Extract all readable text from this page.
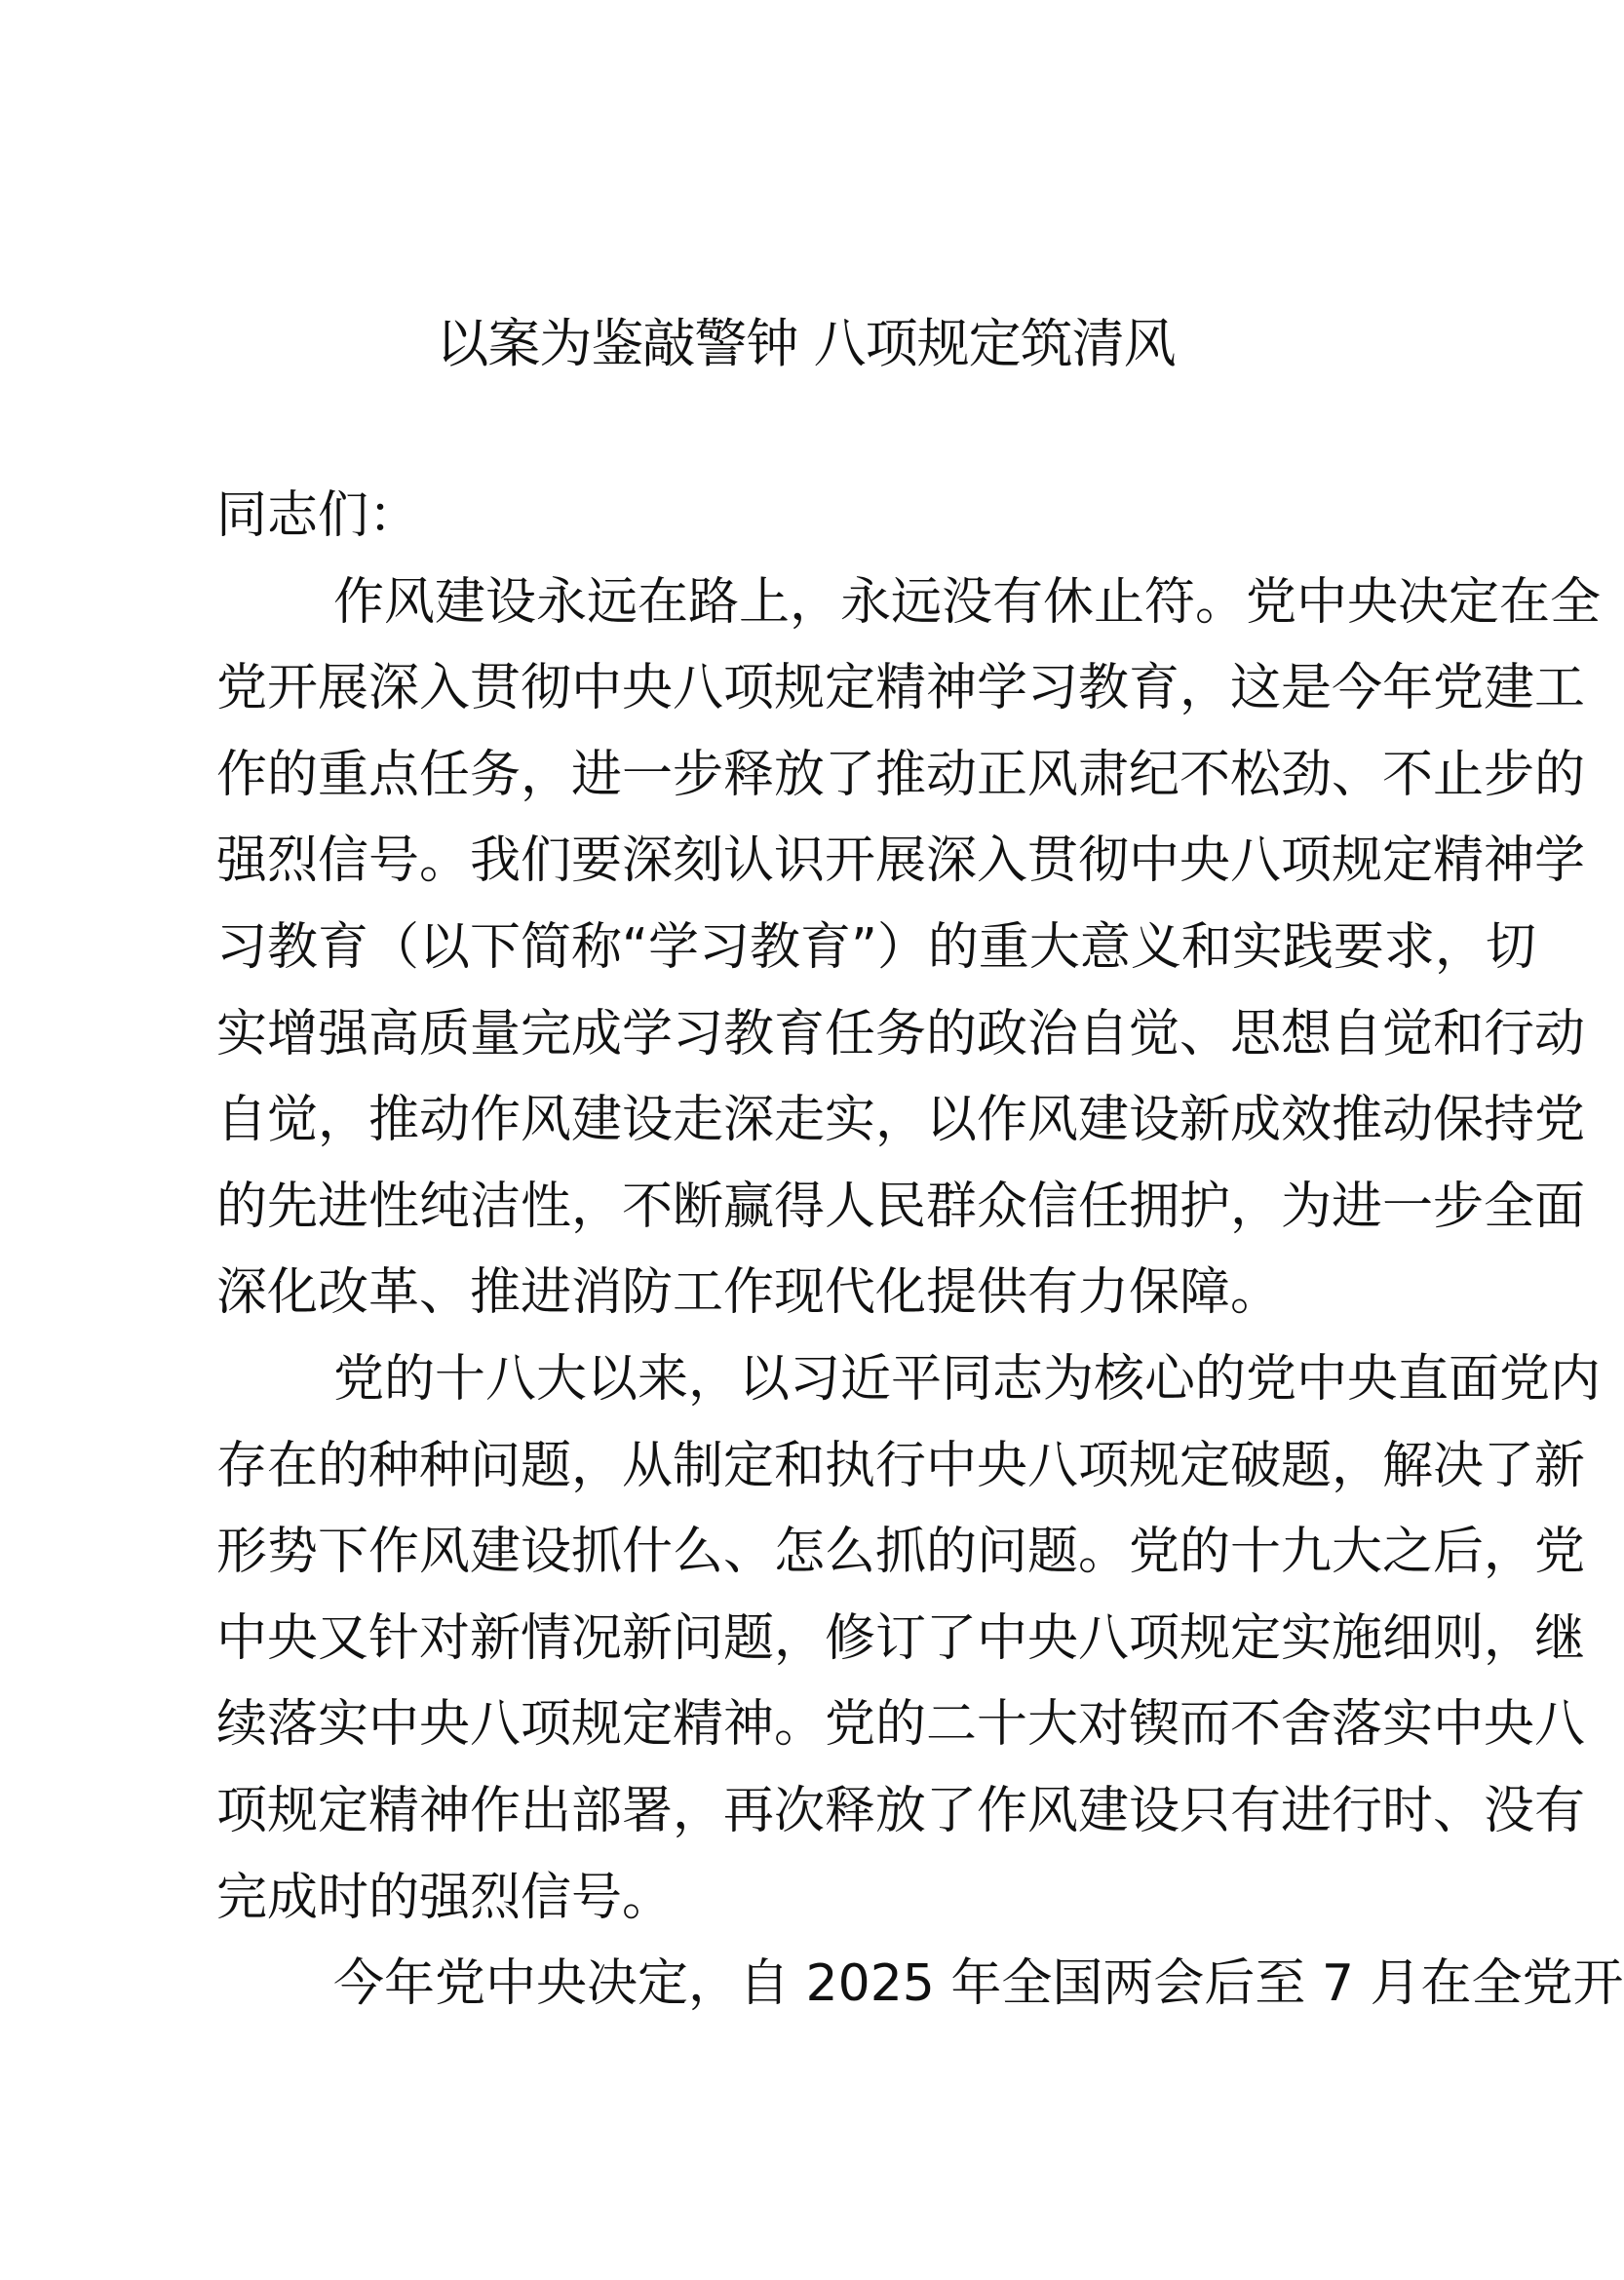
以案为鉴敲警钟 八项规定筑清风
同志们：
作风建设永远在路上，永远没有休止符。党中央决定在全
党开展深入贯彻中央八项规定精神学习教育，这是今年党建工
作的重点任务，进一步释放了推动正风肃纪不松劲、不止步的
强烈信号。我们要深刻认识开展深入贯彻中央八项规定精神学
习教育（以下简称“学习教育”）的重大意义和实践要求，切
实增强高质量完成学习教育任务的政治自觉、思想自觉和行动
自觉，推动作风建设走深走实，以作风建设新成效推动保持党
的先进性纯洁性，不断赢得人民群众信任拥护，为进一步全面
深化改革、推进消防工作现代化提供有力保障。
党的十八大以来，以习近平同志为核心的党中央直面党内
存在的种种问题，从制定和执行中央八项规定破题，解决了新
形势下作风建设抓什么、怎么抓的问题。党的十九大之后，党
中央又针对新情况新问题，修订了中央八项规定实施细则，继
续落实中央八项规定精神。党的二十大对锲而不舍落实中央八
项规定精神作出部署，再次释放了作风建设只有进行时、没有
完成时的强烈信号。
今年党中央决定，自 2025 年全国两会后至 7 月在全党开
